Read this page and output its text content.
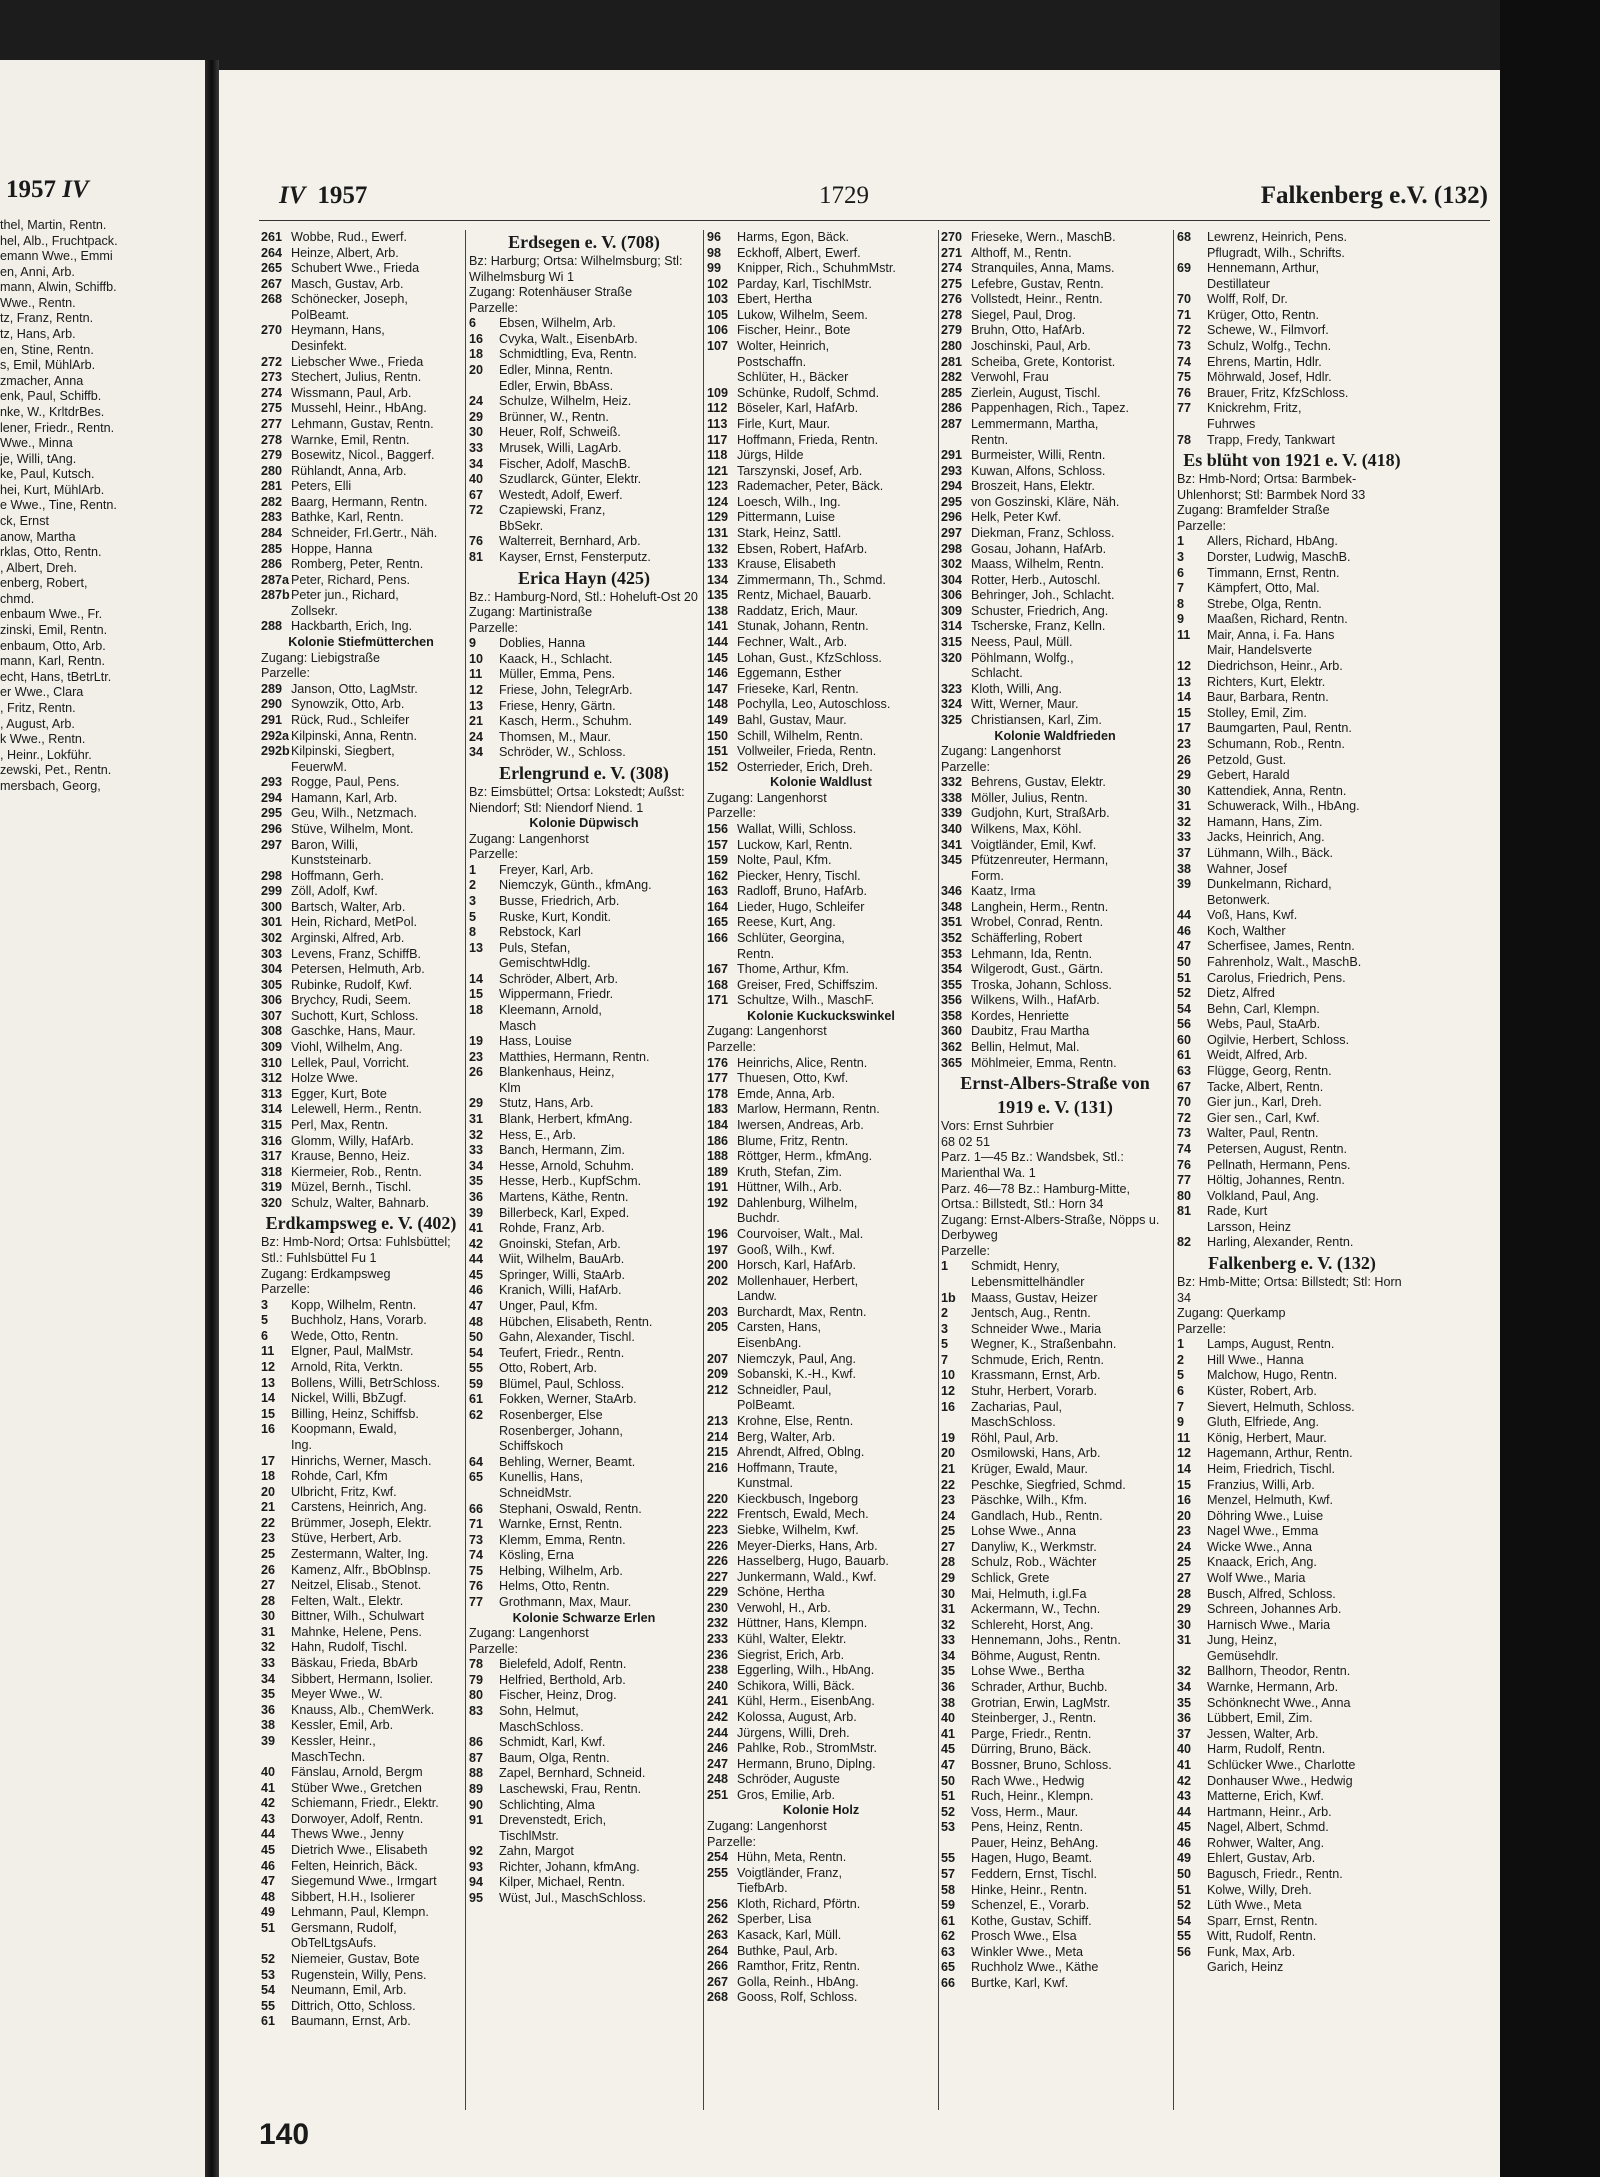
1957 IV
thel, Martin, Rentn.
hel, Alb., Fruchtpack.
emann Wwe., Emmi
en, Anni, Arb.
mann, Alwin, Schiffb.
Wwe., Rentn.
tz, Franz, Rentn.
tz, Hans, Arb.
en, Stine, Rentn.
s, Emil, MühlArb.
zmacher, Anna
enk, Paul, Schiffb.
nke, W., KrltdrBes.
lener, Friedr., Rentn.
Wwe., Minna
je, Willi, tAng.
ke, Paul, Kutsch.
hei, Kurt, MühlArb.
e Wwe., Tine, Rentn.
ck, Ernst
anow, Martha
rklas, Otto, Rentn.
, Albert, Dreh.
enberg, Robert,
chmd.
enbaum Wwe., Fr.
zinski, Emil, Rentn.
enbaum, Otto, Arb.
mann, Karl, Rentn.
echt, Hans, tBetrLtr.
er Wwe., Clara
, Fritz, Rentn.
, August, Arb.
k Wwe., Rentn.
, Heinr., Lokführ.
zewski, Pet., Rentn.
mersbach, Georg,
IV 1957	1729	Falkenberg e.V. (132)
261 Wobbe, Rud., Ewerf.
264 Heinze, Albert, Arb.
265 Schubert Wwe., Frieda
267 Masch, Gustav, Arb.
268 Schönecker, Joseph,
PolBeamt.
270 Heymann, Hans,
Desinfekt.
272 Liebscher Wwe., Frieda
273 Stechert, Julius, Rentn.
274 Wissmann, Paul, Arb.
275 Mussehl, Heinr., HbAng.
277 Lehmann, Gustav, Rentn.
278 Warnke, Emil, Rentn.
279 Bosewitz, Nicol., Baggerf.
280 Rühlandt, Anna, Arb.
281 Peters, Elli
282 Baarg, Hermann, Rentn.
283 Bathke, Karl, Rentn.
284 Schneider, Frl.Gertr., Näh.
285 Hoppe, Hanna
286 Romberg, Peter, Rentn.
287a Peter, Richard, Pens.
287bPeter jun., Richard,
Zollsekr.
288 Hackbarth, Erich, Ing.
Kolonie Stiefmütterchen
Zugang: Liebigstraße
Parzelle:
289 Janson, Otto, LagMstr.
290 Synowzik, Otto, Arb.
291 Rück, Rud., Schleifer
292a Kilpinski, Anna, Rentn.
292bKilpinski, Siegbert,
FeuerwM.
293 Rogge, Paul, Pens.
294 Hamann, Karl, Arb.
295 Geu, Wilh., Netzmach.
296 Stüve, Wilhelm, Mont.
297 Baron, Willi,
Kunststeinarb.
298 Hoffmann, Gerh.
299 Zöll, Adolf, Kwf.
300 Bartsch, Walter, Arb.
301 Hein, Richard, MetPol.
302 Arginski, Alfred, Arb.
303 Levens, Franz, SchiffB.
304 Petersen, Helmuth, Arb.
305 Rubinke, Rudolf, Kwf.
306 Brychcy, Rudi, Seem.
307 Suchott, Kurt, Schloss.
308 Gaschke, Hans, Maur.
309 Viohl, Wilhelm, Ang.
310 Lellek, Paul, Vorricht.
312 Holze Wwe.
313 Egger, Kurt, Bote
314 Lelewell, Herm., Rentn.
315 Perl, Max, Rentn.
316 Glomm, Willy, HafArb.
317 Krause, Benno, Heiz.
318 Kiermeier, Rob., Rentn.
319 Müzel, Bernh., Tischl.
320 Schulz, Walter, Bahnarb.
Erdkampsweg e. V. (402)
Bz: Hmb-Nord; Ortsa: Fuhlsbüttel; Stl.: Fuhlsbüttel Fu 1
Zugang: Erdkampsweg
Parzelle:
3 Kopp, Wilhelm, Rentn.
5 Buchholz, Hans, Vorarb.
6 Wede, Otto, Rentn.
11 Elgner, Paul, MalMstr.
12 Arnold, Rita, Verktn.
13 Bollens, Willi, BetrSchloss.
14 Nickel, Willi, BbZugf.
15 Billing, Heinz, Schiffsb.
16 Koopmann, Ewald,
Ing.
17 Hinrichs, Werner, Masch.
18 Rohde, Carl, Kfm
20 Ulbricht, Fritz, Kwf.
21 Carstens, Heinrich, Ang.
22 Brümmer, Joseph, Elektr.
23 Stüve, Herbert, Arb.
25 Zestermann, Walter, Ing.
26 Kamenz, Alfr., BbOblnsp.
27 Neitzel, Elisab., Stenot.
28 Felten, Walt., Elektr.
30 Bittner, Wilh., Schulwart
31 Mahnke, Helene, Pens.
32 Hahn, Rudolf, Tischl.
33 Bäskau, Frieda, BbArb
34 Sibbert, Hermann, Isolier.
35 Meyer Wwe., W.
36 Knauss, Alb., ChemWerk.
38 Kessler, Emil, Arb.
39 Kessler, Heinr.,
MaschTechn.
40 Fänslau, Arnold, Bergm
41 Stüber Wwe., Gretchen
42 Schiemann, Friedr., Elektr.
43 Dorwoyer, Adolf, Rentn.
44 Thews Wwe., Jenny
45 Dietrich Wwe., Elisabeth
46 Felten, Heinrich, Bäck.
47 Siegemund Wwe., Irmgart
48 Sibbert, H.H., Isolierer
49 Lehmann, Paul, Klempn.
51 Gersmann, Rudolf,
ObTelLtgsAufs.
52 Niemeier, Gustav, Bote
53 Rugenstein, Willy, Pens.
54 Neumann, Emil, Arb.
55 Dittrich, Otto, Schloss.
61 Baumann, Ernst, Arb.
Erdsegen e. V. (708)
Bz: Harburg; Ortsa: Wilhelmsburg; Stl: Wilhelmsburg Wi 1
Zugang: Rotenhäuser Straße
Parzelle:
6 Ebsen, Wilhelm, Arb.
16 Cvyka, Walt., EisenbArb.
18 Schmidtling, Eva, Rentn.
20 Edler, Minna, Rentn.
Edler, Erwin, BbAss.
24 Schulze, Wilhelm, Heiz.
29 Brünner, W., Rentn.
30 Heuer, Rolf, Schweiß.
33 Mrusek, Willi, LagArb.
34 Fischer, Adolf, MaschB.
40 Szudlarck, Günter, Elektr.
67 Westedt, Adolf, Ewerf.
72 Czapiewski, Franz,
BbSekr.
76 Walterreit, Bernhard, Arb.
81 Kayser, Ernst, Fensterputz.
Erica Hayn (425)
Bz.: Hamburg-Nord, Stl.: Hoheluft-Ost 20
Zugang: Martinistraße
Parzelle:
9 Doblies, Hanna
10 Kaack, H., Schlacht.
11 Müller, Emma, Pens.
12 Friese, John, TelegrArb.
13 Friese, Henry, Gärtn.
21 Kasch, Herm., Schuhm.
24 Thomsen, M., Maur.
34 Schröder, W., Schloss.
Erlengrund e. V. (308)
Bz: Eimsbüttel; Ortsa: Lokstedt; Außst: Niendorf; Stl: Niendorf Niend. 1
Kolonie Düpwisch
Zugang: Langenhorst
Parzelle:
1 Freyer, Karl, Arb.
2 Niemczyk, Günth., kfmAng.
3 Busse, Friedrich, Arb.
5 Ruske, Kurt, Kondit.
8 Rebstock, Karl
13 Puls, Stefan,
GemischtwHdlg.
14 Schröder, Albert, Arb.
15 Wippermann, Friedr.
18 Kleemann, Arnold,
Masch
19 Hass, Louise
23 Matthies, Hermann, Rentn.
26 Blankenhaus, Heinz,
Klm
29 Stutz, Hans, Arb.
31 Blank, Herbert, kfmAng.
32 Hess, E., Arb.
33 Banch, Hermann, Zim.
34 Hesse, Arnold, Schuhm.
35 Hesse, Herb., KupfSchm.
36 Martens, Käthe, Rentn.
39 Billerbeck, Karl, Exped.
41 Rohde, Franz, Arb.
42 Gnoinski, Stefan, Arb.
44 Wiit, Wilhelm, BauArb.
45 Springer, Willi, StaArb.
46 Kranich, Willi, HafArb.
47 Unger, Paul, Kfm.
48 Hübchen, Elisabeth, Rentn.
50 Gahn, Alexander, Tischl.
54 Teufert, Friedr., Rentn.
55 Otto, Robert, Arb.
59 Blümel, Paul, Schloss.
61 Fokken, Werner, StaArb.
62 Rosenberger, Else
Rosenberger, Johann,
Schiffskoch
64 Behling, Werner, Beamt.
65 Kunellis, Hans,
SchneidMstr.
66 Stephani, Oswald, Rentn.
71 Warnke, Ernst, Rentn.
73 Klemm, Emma, Rentn.
74 Kösling, Erna
75 Helbing, Wilhelm, Arb.
76 Helms, Otto, Rentn.
77 Grothmann, Max, Maur.
Kolonie Schwarze Erlen
Zugang: Langenhorst
Parzelle:
78 Bielefeld, Adolf, Rentn.
79 Helfried, Berthold, Arb.
80 Fischer, Heinz, Drog.
83 Sohn, Helmut,
MaschSchloss.
86 Schmidt, Karl, Kwf.
87 Baum, Olga, Rentn.
88 Zapel, Bernhard, Schneid.
89 Laschewski, Frau, Rentn.
90 Schlichting, Alma
91 Drevenstedt, Erich,
TischlMstr.
92 Zahn, Margot
93 Richter, Johann, kfmAng.
94 Kilper, Michael, Rentn.
95 Wüst, Jul., MaschSchloss.
96 Harms, Egon, Bäck.
98 Eckhoff, Albert, Ewerf.
99 Knipper, Rich., SchuhmMstr.
102 Parday, Karl, TischlMstr.
103 Ebert, Hertha
105 Lukow, Wilhelm, Seem.
106 Fischer, Heinr., Bote
107 Wolter, Heinrich,
Postschaffn.
Schlüter, H., Bäcker
109 Schünke, Rudolf, Schmd.
112 Böseler, Karl, HafArb.
113 Firle, Kurt, Maur.
117 Hoffmann, Frieda, Rentn.
118 Jürgs, Hilde
121 Tarszynski, Josef, Arb.
123 Rademacher, Peter, Bäck.
124 Loesch, Wilh., Ing.
129 Pittermann, Luise
131 Stark, Heinz, Sattl.
132 Ebsen, Robert, HafArb.
133 Krause, Elisabeth
134 Zimmermann, Th., Schmd.
135 Rentz, Michael, Bauarb.
138 Raddatz, Erich, Maur.
141 Stunak, Johann, Rentn.
144 Fechner, Walt., Arb.
145 Lohan, Gust., KfzSchloss.
146 Eggemann, Esther
147 Frieseke, Karl, Rentn.
148 Pochylla, Leo, Autoschloss.
149 Bahl, Gustav, Maur.
150 Schill, Wilhelm, Rentn.
151 Vollweiler, Frieda, Rentn.
152 Osterrieder, Erich, Dreh.
Kolonie Waldlust
Zugang: Langenhorst
Parzelle:
156 Wallat, Willi, Schloss.
157 Luckow, Karl, Rentn.
159 Nolte, Paul, Kfm.
162 Piecker, Henry, Tischl.
163 Radloff, Bruno, HafArb.
164 Lieder, Hugo, Schleifer
165 Reese, Kurt, Ang.
166 Schlüter, Georgina,
Rentn.
167 Thome, Arthur, Kfm.
168 Greiser, Fred, Schiffszim.
171 Schultze, Wilh., MaschF.
Kolonie Kuckuckswinkel
Zugang: Langenhorst
Parzelle:
176 Heinrichs, Alice, Rentn.
177 Thuesen, Otto, Kwf.
178 Emde, Anna, Arb.
183 Marlow, Hermann, Rentn.
184 Iwersen, Andreas, Arb.
186 Blume, Fritz, Rentn.
188 Röttger, Herm., kfmAng.
189 Kruth, Stefan, Zim.
191 Hüttner, Wilh., Arb.
192 Dahlenburg, Wilhelm,
Buchdr.
196 Courvoiser, Walt., Mal.
197 Gooß, Wilh., Kwf.
200 Horsch, Karl, HafArb.
202 Mollenhauer, Herbert,
Landw.
203 Burchardt, Max, Rentn.
205 Carsten, Hans,
EisenbAng.
207 Niemczyk, Paul, Ang.
209 Sobanski, K.-H., Kwf.
212 Schneidler, Paul,
PolBeamt.
213 Krohne, Else, Rentn.
214 Berg, Walter, Arb.
215 Ahrendt, Alfred, Oblng.
216 Hoffmann, Traute,
Kunstmal.
220 Kieckbusch, Ingeborg
222 Frentsch, Ewald, Mech.
223 Siebke, Wilhelm, Kwf.
226 Meyer-Dierks, Hans, Arb.
226 Hasselberg, Hugo, Bauarb.
227 Junkermann, Wald., Kwf.
229 Schöne, Hertha
230 Verwohl, H., Arb.
232 Hüttner, Hans, Klempn.
233 Kühl, Walter, Elektr.
236 Siegrist, Erich, Arb.
238 Eggerling, Wilh., HbAng.
240 Schikora, Willi, Bäck.
241 Kühl, Herm., EisenbAng.
242 Kolossa, August, Arb.
244 Jürgens, Willi, Dreh.
246 Pahlke, Rob., StromMstr.
247 Hermann, Bruno, Diplng.
248 Schröder, Auguste
251 Gros, Emilie, Arb.
Kolonie Holz
Zugang: Langenhorst
Parzelle:
254 Hühn, Meta, Rentn.
255 Voigtländer, Franz,
TiefbArb.
256 Kloth, Richard, Pförtn.
262 Sperber, Lisa
263 Kasack, Karl, Müll.
264 Buthke, Paul, Arb.
266 Ramthor, Fritz, Rentn.
267 Golla, Reinh., HbAng.
268 Gooss, Rolf, Schloss.
270 Frieseke, Wern., MaschB.
271 Althoff, M., Rentn.
274 Stranquiles, Anna, Mams.
275 Lefebre, Gustav, Rentn.
276 Vollstedt, Heinr., Rentn.
278 Siegel, Paul, Drog.
279 Bruhn, Otto, HafArb.
280 Joschinski, Paul, Arb.
281 Scheiba, Grete, Kontorist.
282 Verwohl, Frau
285 Zierlein, August, Tischl.
286 Pappenhagen, Rich., Tapez.
287 Lemmermann, Martha,
Rentn.
291 Burmeister, Willi, Rentn.
293 Kuwan, Alfons, Schloss.
294 Broszeit, Hans, Elektr.
295 von Goszinski, Kläre, Näh.
296 Helk, Peter Kwf.
297 Diekman, Franz, Schloss.
298 Gosau, Johann, HafArb.
302 Maass, Wilhelm, Rentn.
304 Rotter, Herb., Autoschl.
306 Behringer, Joh., Schlacht.
309 Schuster, Friedrich, Ang.
314 Tscherske, Franz, Kelln.
315 Neess, Paul, Müll.
320 Pöhlmann, Wolfg.,
Schlacht.
323 Kloth, Willi, Ang.
324 Witt, Werner, Maur.
325 Christiansen, Karl, Zim.
Kolonie Waldfrieden
Zugang: Langenhorst
Parzelle:
332 Behrens, Gustav, Elektr.
338 Möller, Julius, Rentn.
339 Gudjohn, Kurt, StraßArb.
340 Wilkens, Max, Köhl.
341 Voigtländer, Emil, Kwf.
345 Pfützenreuter, Hermann,
Form.
346 Kaatz, Irma
348 Langhein, Herm., Rentn.
351 Wrobel, Conrad, Rentn.
352 Schäfferling, Robert
353 Lehmann, Ida, Rentn.
354 Wilgerodt, Gust., Gärtn.
355 Troska, Johann, Schloss.
356 Wilkens, Wilh., HafArb.
358 Kordes, Henriette
360 Daubitz, Frau Martha
362 Bellin, Helmut, Mal.
365 Möhlmeier, Emma, Rentn.
Ernst-Albers-Straße von 1919 e. V. (131)
Vors: Ernst Suhrbier
68 02 51
Parz. 1—45 Bz.: Wandsbek, Stl.: Marienthal Wa. 1
Parz. 46—78 Bz.: Hamburg-Mitte, Ortsa.: Billstedt, Stl.: Horn 34
Zugang: Ernst-Albers-Straße, Nöpps u. Derbyweg
Parzelle:
1 Schmidt, Henry,
Lebensmittelhändler
1b Maass, Gustav, Heizer
2 Jentsch, Aug., Rentn.
3 Schneider Wwe., Maria
5 Wegner, K., Straßenbahn.
7 Schmude, Erich, Rentn.
10 Krassmann, Ernst, Arb.
12 Stuhr, Herbert, Vorarb.
16 Zacharias, Paul,
MaschSchloss.
19 Röhl, Paul, Arb.
20 Osmilowski, Hans, Arb.
21 Krüger, Ewald, Maur.
22 Peschke, Siegfried, Schmd.
23 Päschke, Wilh., Kfm.
24 Gandlach, Hub., Rentn.
25 Lohse Wwe., Anna
27 Danyliw, K., Werkmstr.
28 Schulz, Rob., Wächter
29 Schlick, Grete
30 Mai, Helmuth, i.gl.Fa
31 Ackermann, W., Techn.
32 Schlereht, Horst, Ang.
33 Hennemann, Johs., Rentn.
34 Böhme, August, Rentn.
35 Lohse Wwe., Bertha
36 Schrader, Arthur, Buchb.
38 Grotrian, Erwin, LagMstr.
40 Steinberger, J., Rentn.
41 Parge, Friedr., Rentn.
45 Dürring, Bruno, Bäck.
47 Bossner, Bruno, Schloss.
50 Rach Wwe., Hedwig
51 Ruch, Heinr., Klempn.
52 Voss, Herm., Maur.
53 Pens, Heinz, Rentn.
Pauer, Heinz, BehAng.
55 Hagen, Hugo, Beamt.
57 Feddern, Ernst, Tischl.
58 Hinke, Heinr., Rentn.
59 Schenzel, E., Vorarb.
61 Kothe, Gustav, Schiff.
62 Prosch Wwe., Elsa
63 Winkler Wwe., Meta
65 Ruchholz Wwe., Käthe
66 Burtke, Karl, Kwf.
68 Lewrenz, Heinrich, Pens.
Pflugradt, Wilh., Schrifts.
69 Hennemann, Arthur,
Destillateur
70 Wolff, Rolf, Dr.
71 Krüger, Otto, Rentn.
72 Schewe, W., Filmvorf.
73 Schulz, Wolfg., Techn.
74 Ehrens, Martin, Hdlr.
75 Möhrwald, Josef, Hdlr.
76 Brauer, Fritz, KfzSchloss.
77 Knickrehm, Fritz,
Fuhrwes
78 Trapp, Fredy, Tankwart
Es blüht von 1921 e. V. (418)
Bz: Hmb-Nord; Ortsa: Barmbek-Uhlenhorst; Stl: Barmbek Nord 33
Zugang: Bramfelder Straße
Parzelle:
1 Allers, Richard, HbAng.
3 Dorster, Ludwig, MaschB.
6 Timmann, Ernst, Rentn.
7 Kämpfert, Otto, Mal.
8 Strebe, Olga, Rentn.
9 Maaßen, Richard, Rentn.
11 Mair, Anna, i. Fa. Hans
Mair, Handelsverte
12 Diedrichson, Heinr., Arb.
13 Richters, Kurt, Elektr.
14 Baur, Barbara, Rentn.
15 Stolley, Emil, Zim.
17 Baumgarten, Paul, Rentn.
23 Schumann, Rob., Rentn.
26 Petzold, Gust.
29 Gebert, Harald
30 Kattendiek, Anna, Rentn.
31 Schuwerack, Wilh., HbAng.
32 Hamann, Hans, Zim.
33 Jacks, Heinrich, Ang.
37 Lühmann, Wilh., Bäck.
38 Wahner, Josef
39 Dunkelmann, Richard,
Betonwerk.
44 Voß, Hans, Kwf.
46 Koch, Walther
47 Scherfisee, James, Rentn.
50 Fahrenholz, Walt., MaschB.
51 Carolus, Friedrich, Pens.
52 Dietz, Alfred
54 Behn, Carl, Klempn.
56 Webs, Paul, StaArb.
60 Ogilvie, Herbert, Schloss.
61 Weidt, Alfred, Arb.
63 Flügge, Georg, Rentn.
67 Tacke, Albert, Rentn.
70 Gier jun., Karl, Dreh.
72 Gier sen., Carl, Kwf.
73 Walter, Paul, Rentn.
74 Petersen, August, Rentn.
76 Pellnath, Hermann, Pens.
77 Höltig, Johannes, Rentn.
80 Volkland, Paul, Ang.
81 Rade, Kurt
Larsson, Heinz
82 Harling, Alexander, Rentn.
Falkenberg e. V. (132)
Bz: Hmb-Mitte; Ortsa: Billstedt; Stl: Horn 34
Zugang: Querkamp
Parzelle:
1 Lamps, August, Rentn.
2 Hill Wwe., Hanna
5 Malchow, Hugo, Rentn.
6 Küster, Robert, Arb.
7 Sievert, Helmuth, Schloss.
9 Gluth, Elfriede, Ang.
11 König, Herbert, Maur.
12 Hagemann, Arthur, Rentn.
14 Heim, Friedrich, Tischl.
15 Franzius, Willi, Arb.
16 Menzel, Helmuth, Kwf.
20 Döhring Wwe., Luise
23 Nagel Wwe., Emma
24 Wicke Wwe., Anna
25 Knaack, Erich, Ang.
27 Wolf Wwe., Maria
28 Busch, Alfred, Schloss.
29 Schreen, Johannes Arb.
30 Harnisch Wwe., Maria
31 Jung, Heinz,
Gemüsehdlr.
32 Ballhorn, Theodor, Rentn.
34 Warnke, Hermann, Arb.
35 Schönknecht Wwe., Anna
36 Lübbert, Emil, Zim.
37 Jessen, Walter, Arb.
40 Harm, Rudolf, Rentn.
41 Schlücker Wwe., Charlotte
42 Donhauser Wwe., Hedwig
43 Matterne, Erich, Kwf.
44 Hartmann, Heinr., Arb.
45 Nagel, Albert, Schmd.
46 Rohwer, Walter, Ang.
49 Ehlert, Gustav, Arb.
50 Bagusch, Friedr., Rentn.
51 Kolwe, Willy, Dreh.
52 Lüth Wwe., Meta
54 Sparr, Ernst, Rentn.
55 Witt, Rudolf, Rentn.
56 Funk, Max, Arb.
Garich, Heinz
140
